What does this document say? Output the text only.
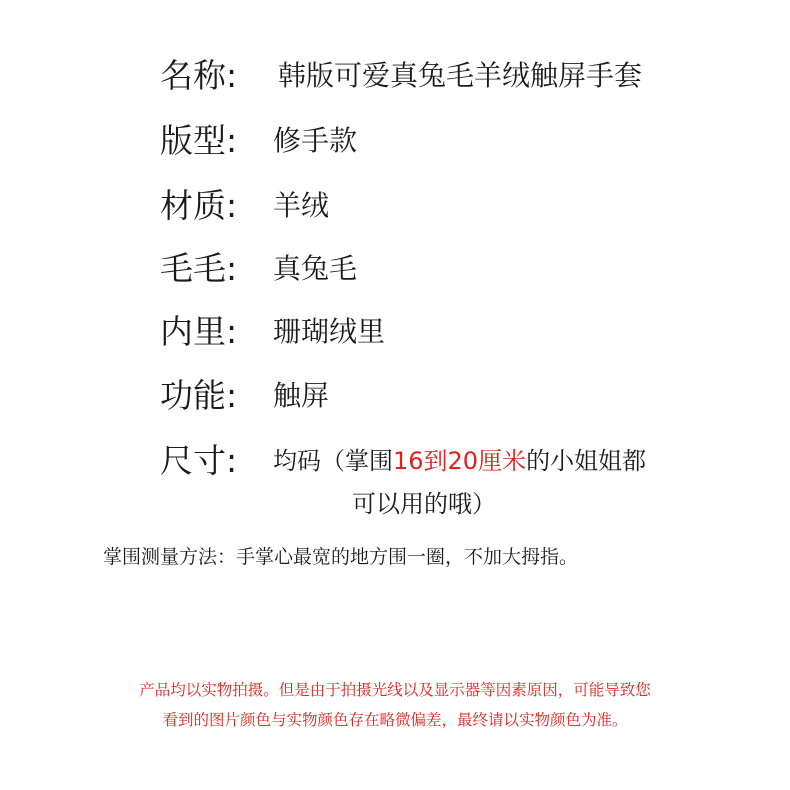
名称: 韩版可爱真兔毛羊绒触屏手套
版型: 修手款
材质: 羊绒
毛毛: 真兔毛
内里: 珊瑚绒里
功能: 触屏
尺寸: 均码（掌围16到20厘米的小姐姐都
可以用的哦）
掌围测量方法：手掌心最宽的地方围一圈，不加大拇指。
产品均以实物拍摄。但是由于拍摄光线以及显示器等因素原因，可能导致您
看到的图片颜色与实物颜色存在略微偏差，最终请以实物颜色为准。
